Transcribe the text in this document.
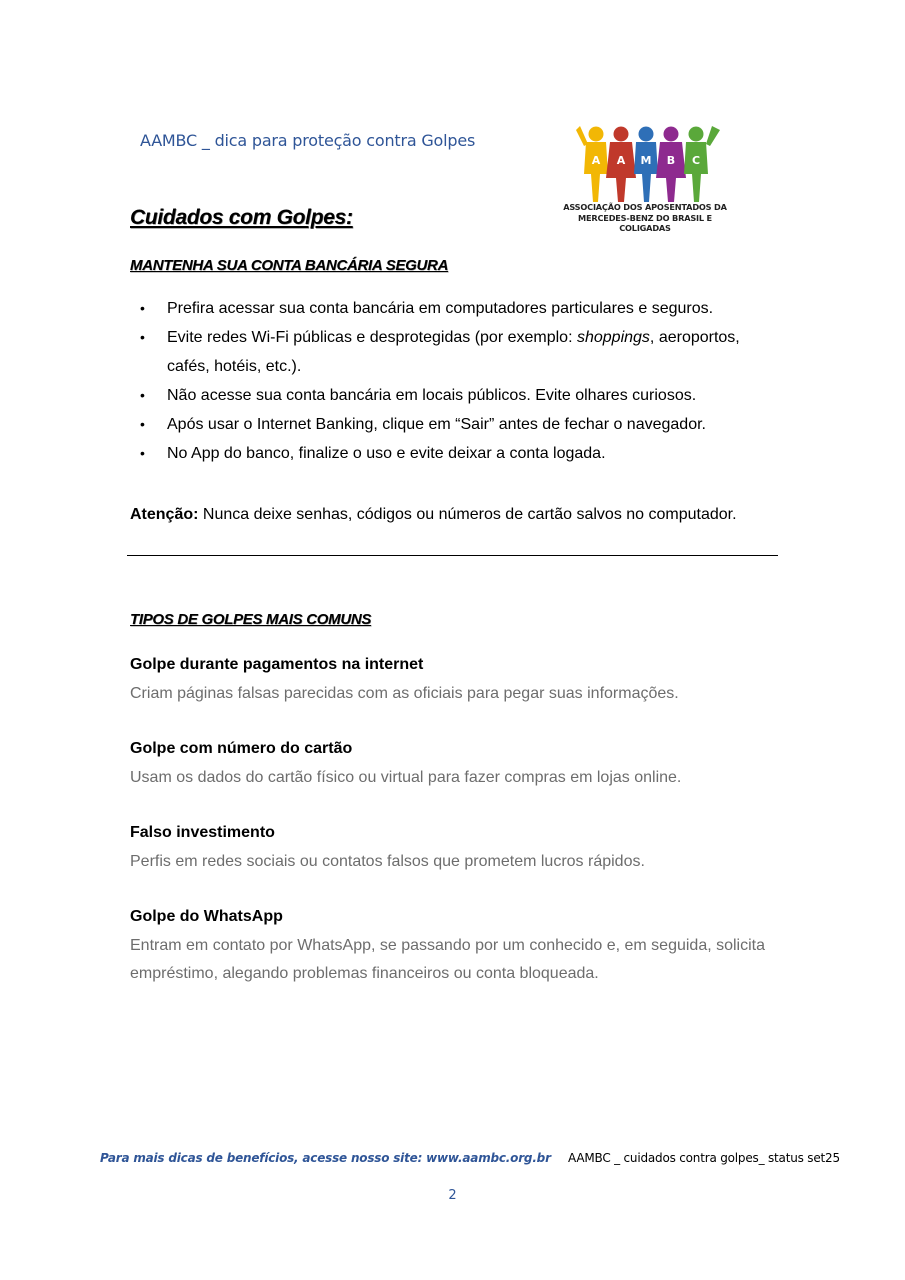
AAMBC _ dica para proteção contra Golpes
A A M B C
ASSOCIAÇÃO DOS APOSENTADOS DA
MERCEDES-BENZ DO BRASIL E COLIGADAS
Cuidados com Golpes:
MANTENHA SUA CONTA BANCÁRIA SEGURA
• Prefira acessar sua conta bancária em computadores particulares e seguros.
• Evite redes Wi-Fi públicas e desprotegidas (por exemplo: shoppings, aeroportos, cafés, hotéis, etc.).
• Não acesse sua conta bancária em locais públicos. Evite olhares curiosos.
• Após usar o Internet Banking, clique em “Sair” antes de fechar o navegador.
• No App do banco, finalize o uso e evite deixar a conta logada.
Atenção: Nunca deixe senhas, códigos ou números de cartão salvos no computador.
TIPOS DE GOLPES MAIS COMUNS

Golpe durante pagamentos na internet

Criam páginas falsas parecidas com as oficiais para pegar suas informações.

Golpe com número do cartão

Usam os dados do cartão físico ou virtual para fazer compras em lojas online.

Falso investimento

Perfis em redes sociais ou contatos falsos que prometem lucros rápidos.

Golpe do WhatsApp

Entram em contato por WhatsApp, se passando por um conhecido e, em seguida, solicita empréstimo, alegando problemas financeiros ou conta bloqueada.

Para mais dicas de benefícios, acesse nosso site: www.aambc.org.br AAMBC _ cuidados contra golpes_ status set25
2
